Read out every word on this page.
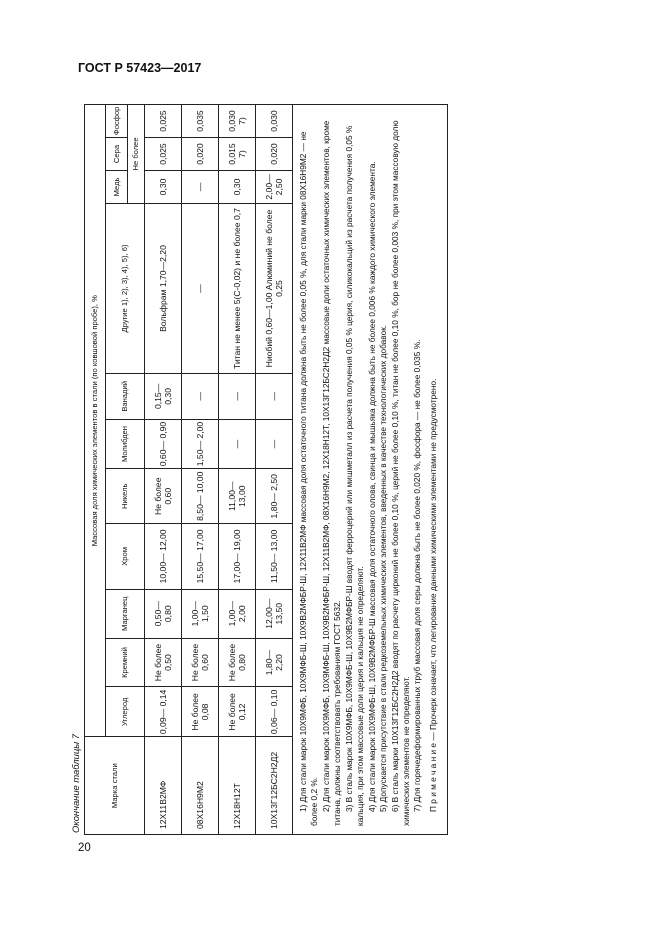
ГОСТ Р 57423—2017
Окончание таблицы 7	Марка стали	Массовая доля химических элементов в стали (по ковшовой пробе), %										
	Углерод	Кремний	Марганец	Хром	Никель	Молибден	Ванадий	Другие 1), 2), 3), 4), 5), 6)	Медь	Сера	Фосфор
									Не более		
12Х11В2МФ	0,09— 0,14	Не более 0,50	0,50— 0,80	10,00— 12,00	Не более 0,60	0,60— 0,90	0,15— 0,30	Вольфрам 1,70—2,20	0,30	0,025	0,025
08Х16Н9М2	Не более 0,08	Не более 0,60	1,00— 1,50	15,50— 17,00	8,50— 10,00	1,50— 2,00	—	—	—	0,020	0,035
12Х18Н12Т	Не более 0,12	Не более 0,80	1,00— 2,00	17,00— 19,00	11,00— 13,00	—	—	Титан не менее 5(С-0,02) и не более 0,7	0,30	0,015 7)	0,030 7)
10Х13Г12БС2Н2Д2	0,06— 0,10	1,80— 2,20	12,00— 13,50	11,50— 13,00	1,80— 2,50	—	—	Ниобий 0,60—1,00 Алюминий не более 0,25	2,00— 2,50	0,020	0,030

1) Для стали марок 10Х9МФБ, 10Х9МФБ-Ш, 10Х9В2МФБР-Ш, 12Х11В2МФ массовая доля остаточного титана должна быть не более 0,05 %, для стали марки 08Х16Н9М2 — не более 0,2 %. 2) Для стали марок 10Х9МФБ, 10Х9МФБ-Ш, 10Х9В2МФБР-Ш, 12Х11В2МФ, 08Х16Н9М2, 12Х18Н12Т, 10Х13Г12БС2Н2Д2 массовые доли остаточных химических элементов, кроме титана, должны соответствовать требованиям ГОСТ 5632. 3) В сталь марок 10Х9МФБ, 10Х9МФБ-Ш, 10Х9В2МФБР-Ш вводят ферроцерий или мишметалл из расчета получения 0,05 % церия, силикокальций из расчета получения 0,05 % кальция, при этом массовые доли церия и кальция не определяют. 4) Для стали марок 10Х9МФБ-Ш, 10Х9В2МФБР-Ш массовая доля остаточного олова, свинца и мышьяка должна быть не более 0,006 % каждого химического элемента. 5) Допускается присутствие в стали редкоземельных химических элементов, введенных в качестве технологических добавок. 6) В сталь марки 10Х13Г12БС2Н2Д2 вводят по расчету цирконий не более 0,10 %, церий не более 0,10 %, титан не более 0,10 %, бор не более 0,003 %, при этом массовую долю химических элементов не определяют. 7) Для горячедеформированных труб массовая доля серы должна быть не более 0,020 %, фосфора — не более 0,035 %. П р и м е ч а н и е — Прочерк означает, что легирование данными химическими элементами не предусмотрено.

20
